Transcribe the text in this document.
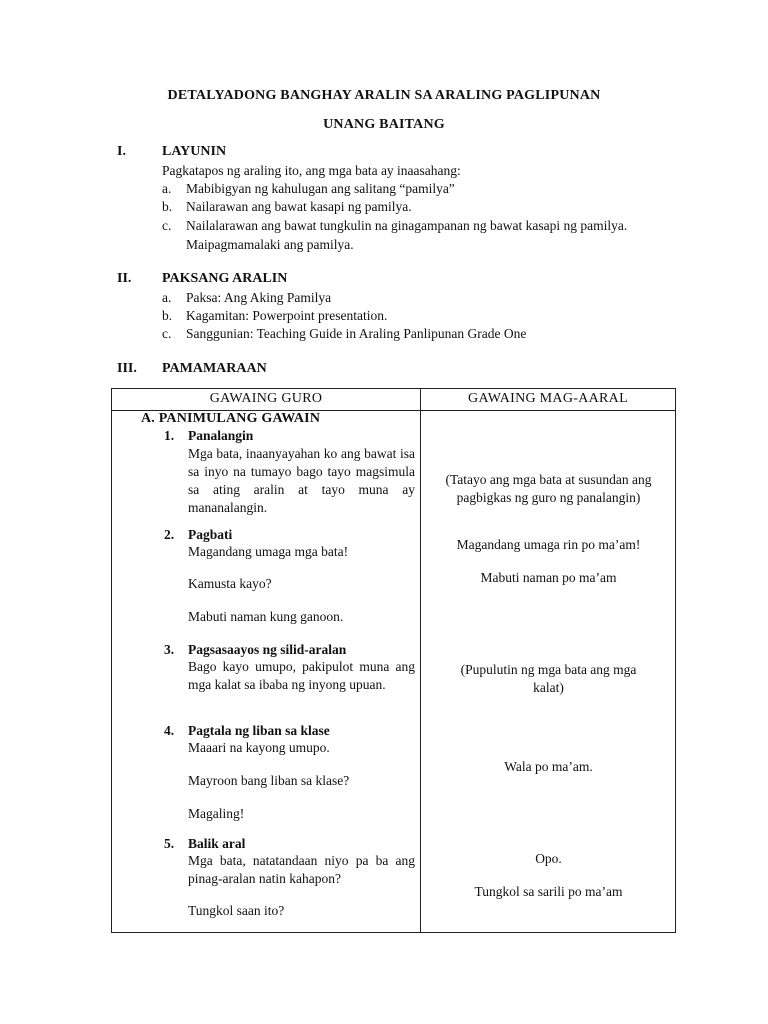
DETALYADONG BANGHAY ARALIN SA ARALING PAGLIPUNAN
UNANG BAITANG
I.	LAYUNIN
Pagkatapos ng araling ito, ang mga bata ay inaasahang:
a. Mabibigyan ng kahulugan ang salitang “pamilya”
b. Nailarawan ang bawat kasapi ng pamilya.
c. Nailalarawan ang bawat tungkulin na ginagampanan ng bawat kasapi ng pamilya. Maipagmamalaki ang pamilya.
II. PAKSANG ARALIN
a. Paksa: Ang Aking Pamilya
b. Kagamitan: Powerpoint presentation.
c. Sanggunian: Teaching Guide in Araling Panlipunan Grade One
III. PAMAMARAAN
GAWAING GURO	GAWAING MAG-AARAL
A. PANIMULANG GAWAIN
1. Panalangin
Mga bata, inaanyayahan ko ang bawat isa sa inyo na tumayo bago tayo magsimula sa ating aralin at tayo muna ay mananalangin.
(Tatayo ang mga bata at susundan ang pagbigkas ng guro ng panalangin)
2. Pagbati
Magandang umaga mga bata!
Kamusta kayo?
Mabuti naman kung ganoon.
Magandang umaga rin po ma’am!
Mabuti naman po ma’am
3. Pagsasaayos ng silid-aralan
Bago kayo umupo, pakipulot muna ang mga kalat sa ibaba ng inyong upuan.
(Pupulutin ng mga bata ang mga kalat)
4. Pagtala ng liban sa klase
Maaari na kayong umupo.
Mayroon bang liban sa klase?
Magaling!
Wala po ma’am.
5. Balik aral
Mga bata, natatandaan niyo pa ba ang pinag-aralan natin kahapon?
Tungkol saan ito?
Opo.
Tungkol sa sarili po ma’am
